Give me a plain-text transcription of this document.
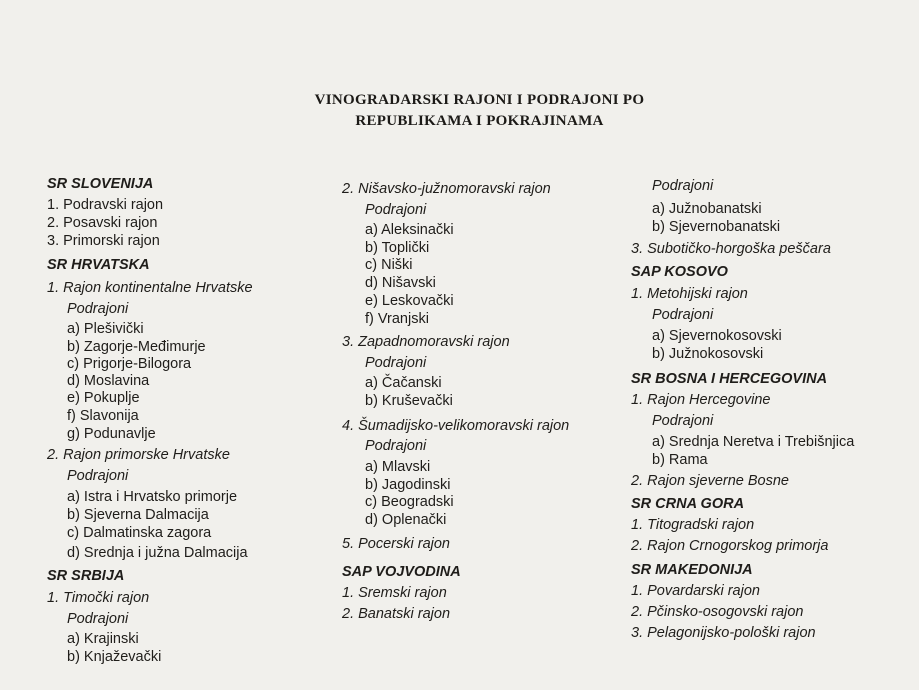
VINOGRADARSKI RAJONI I PODRAJONI PO
REPUBLIKAMA I POKRAJINAMA
SR SLOVENIJA
1. Podravski rajon
2. Posavski rajon
3. Primorski rajon
SR HRVATSKA
1. Rajon kontinentalne Hrvatske
Podrajoni
a) Plešivički
b) Zagorje-Međimurje
c) Prigorje-Bilogora
d) Moslavina
e) Pokuplje
f) Slavonija
g) Podunavlje
2. Rajon primorske Hrvatske
Podrajoni
a) Istra i Hrvatsko primorje
b) Sjeverna Dalmacija
c) Dalmatinska zagora
d) Srednja i južna Dalmacija
SR SRBIJA
1. Timočki rajon
Podrajoni
a) Krajinski
b) Knjaževački
2. Nišavsko-južnomoravski rajon
Podrajoni
a) Aleksinački
b) Toplički
c) Niški
d) Nišavski
e) Leskovački
f) Vranjski
3. Zapadnomoravski rajon
Podrajoni
a) Čačanski
b) Kruševački
4. Šumadijsko-velikomoravski rajon
Podrajoni
a) Mlavski
b) Jagodinski
c) Beogradski
d) Oplenački
5. Pocerski rajon
SAP VOJVODINA
1. Sremski rajon
2. Banatski rajon
Podrajoni
a) Južnobanatski
b) Sjevernobanatski
3. Subotičko-horgoška peščara
SAP KOSOVO
1. Metohijski rajon
Podrajoni
a) Sjevernokosovski
b) Južnokosovski
SR BOSNA I HERCEGOVINA
1. Rajon Hercegovine
Podrajoni
a) Srednja Neretva i Trebišnjica
b) Rama
2. Rajon sjeverne Bosne
SR CRNA GORA
1. Titogradski rajon
2. Rajon Crnogorskog primorja
SR MAKEDONIJA
1. Povardarski rajon
2. Pčinsko-osogovski rajon
3. Pelagonijsko-pološki rajon
